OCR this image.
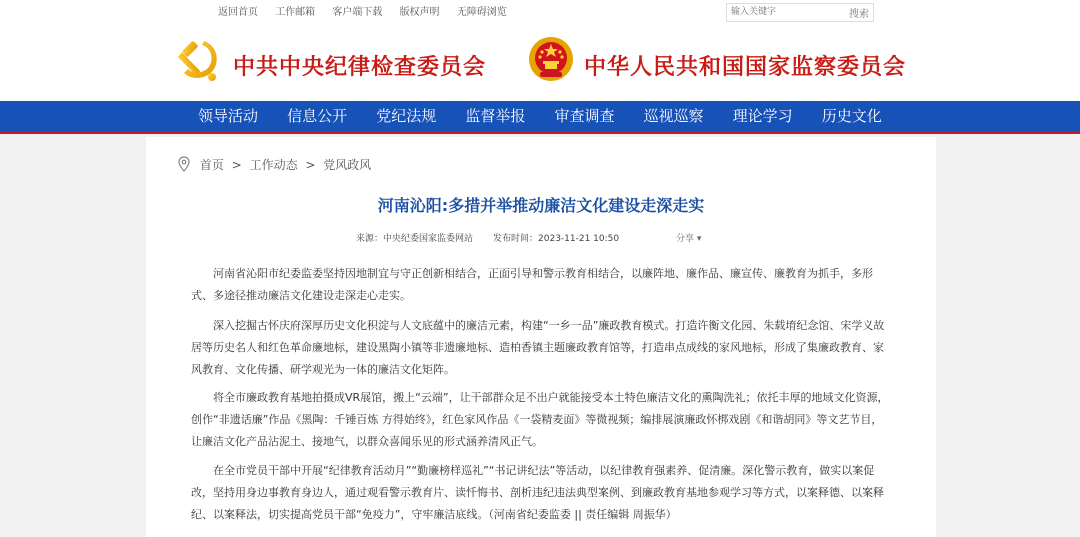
返回首页 工作邮箱 客户端下载 版权声明 无障碍浏览
输入关键字	搜索
中共中央纪律检查委员会	中华人民共和国国家监察委员会
领导活动 信息公开 党纪法规 监督举报 审查调查 巡视巡察 理论学习 历史文化
首页 > 工作动态 > 党风政风
河南沁阳:多措并举推动廉洁文化建设走深走实
来源：中央纪委国家监委网站 发布时间：2023-11-21 10:50	分享 ▾
河南省沁阳市纪委监委坚持因地制宜与守正创新相结合，正面引导和警示教育相结合，以廉阵地、廉作品、廉宣传、廉教育为抓手，多形式、多途径推动廉洁文化建设走深走心走实。
深入挖掘古怀庆府深厚历史文化积淀与人文底蕴中的廉洁元素，构建“一乡一品”廉政教育模式。打造许衡文化园、朱载堉纪念馆、宋学义故居等历史名人和红色革命廉地标，建设黑陶小镇等非遗廉地标、造柏香镇主题廉政教育馆等，打造串点成线的家风地标，形成了集廉政教育、家风教育、文化传播、研学观光为一体的廉洁文化矩阵。
将全市廉政教育基地拍摄成VR展馆，搬上“云端”，让干部群众足不出户就能接受本土特色廉洁文化的熏陶洗礼；依托丰厚的地域文化资源，创作“非遗话廉”作品《黑陶：千锤百炼 方得始终》，红色家风作品《一袋精麦面》等微视频；编排展演廉政怀梆戏剧《和谐胡同》等文艺节目，让廉洁文化产品沾泥土、接地气，以群众喜闻乐见的形式涵养清风正气。
在全市党员干部中开展“纪律教育活动月”“勤廉榜样巡礼”“书记讲纪法”等活动，以纪律教育强素养、促清廉。深化警示教育，做实以案促改，坚持用身边事教育身边人，通过观看警示教育片、读忏悔书、剖析违纪违法典型案例、到廉政教育基地参观学习等方式，以案释德、以案释纪、以案释法，切实提高党员干部“免疫力”，守牢廉洁底线。（河南省纪委监委 || 责任编辑 周振华）
